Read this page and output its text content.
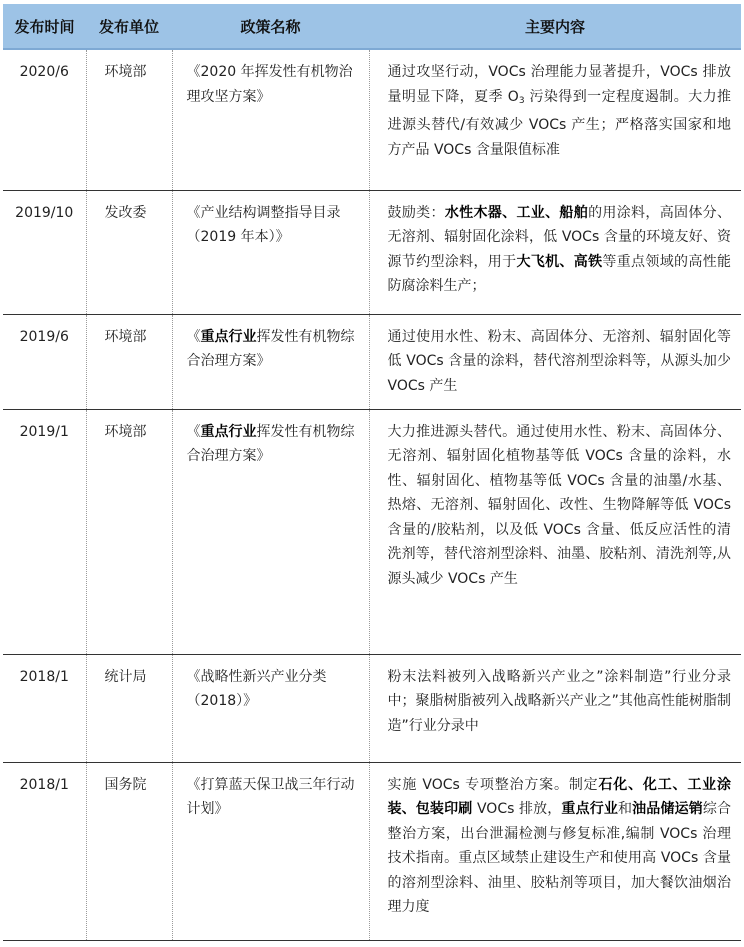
发布时间	发布单位	政策名称	主要内容
2020/6	环境部	《2020 年挥发性有机物治理攻坚方案》	通过攻坚行动，VOCs 治理能力显著提升，VOCs 排放量明显下降，夏季 $O_3$ 污染得到一定程度遏制。大力推进源头替代/有效减少 VOCs 产生；严格落实国家和地方产品 VOCs 含量限值标准
2019/10	发改委	《产业结构调整指导目录（2019 年本）》	鼓励类：水性木器、工业、船舶的用涂料，高固体分、无溶剂、辐射固化涂料，低 VOCs 含量的环境友好、资源节约型涂料，用于大飞机、高铁等重点领域的高性能防腐涂料生产；
2019/6	环境部	《重点行业挥发性有机物综合治理方案》	通过使用水性、粉末、高固体分、无溶剂、辐射固化等低 VOCs 含量的涂料，替代溶剂型涂料等，从源头加少 VOCs 产生
2019/1	环境部	《重点行业挥发性有机物综合治理方案》	大力推进源头替代。通过使用水性、粉末、高固体分、无溶剂、辐射固化植物基等低 VOCs 含量的涂料，水性、辐射固化、植物基等低 VOCs 含量的油墨/水基、热熔、无溶剂、辐射固化、改性、生物降解等低 VOCs 含量的/胶粘剂，以及低 VOCs 含量、低反应活性的清洗剂等，替代溶剂型涂料、油墨、胶粘剂、清洗剂等,从源头减少 VOCs 产生
2018/1	统计局	《战略性新兴产业分类（2018）》	粉末法料被列入战略新兴产业之”涂料制造”行业分录中；聚脂树脂被列入战略新兴产业之”其他高性能树脂制造”行业分录中
2018/1	国务院	《打算蓝天保卫战三年行动计划》	实施 VOCs 专项整治方案。制定石化、化工、工业涂装、包装印刷 VOCs 排放，重点行业和油品储运销综合整治方案，出台泄漏检测与修复标准,编制 VOCs 治理技术指南。重点区域禁止建设生产和使用高 VOCs 含量的溶剂型涂料、油里、胶粘剂等项目，加大餐饮油烟治理力度
